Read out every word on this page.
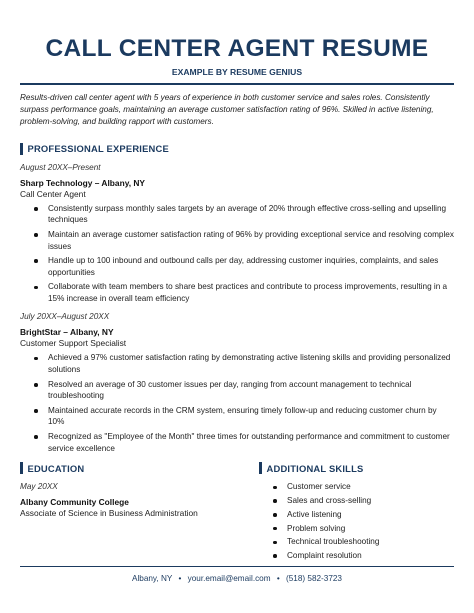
CALL CENTER AGENT RESUME
EXAMPLE BY RESUME GENIUS
Results-driven call center agent with 5 years of experience in both customer service and sales roles. Consistently surpass performance goals, maintaining an average customer satisfaction rating of 96%. Skilled in active listening, problem-solving, and building rapport with customers.
PROFESSIONAL EXPERIENCE
August 20XX–Present
Sharp Technology – Albany, NY
Call Center Agent
Consistently surpass monthly sales targets by an average of 20% through effective cross-selling and upselling techniques
Maintain an average customer satisfaction rating of 96% by providing exceptional service and resolving complex issues
Handle up to 100 inbound and outbound calls per day, addressing customer inquiries, complaints, and sales opportunities
Collaborate with team members to share best practices and contribute to process improvements, resulting in a 15% increase in overall team efficiency
July 20XX–August 20XX
BrightStar – Albany, NY
Customer Support Specialist
Achieved a 97% customer satisfaction rating by demonstrating active listening skills and providing personalized solutions
Resolved an average of 30 customer issues per day, ranging from account management to technical troubleshooting
Maintained accurate records in the CRM system, ensuring timely follow-up and reducing customer churn by 10%
Recognized as "Employee of the Month" three times for outstanding performance and commitment to customer service excellence
EDUCATION
May 20XX
Albany Community College
Associate of Science in Business Administration
ADDITIONAL SKILLS
Customer service
Sales and cross-selling
Active listening
Problem solving
Technical troubleshooting
Complaint resolution
Albany, NY • your.email@email.com • (518) 582-3723
